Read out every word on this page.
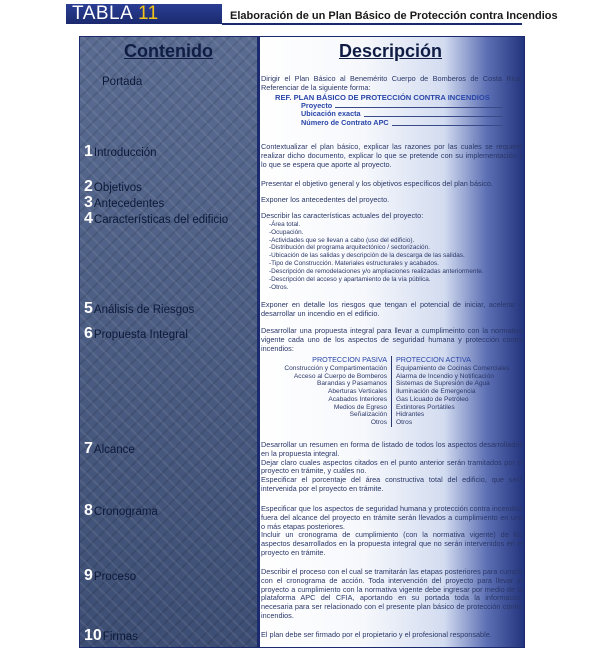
TABLA 11	Elaboración de un Plan Básico de Protección contra Incendios
Contenido	Descripción
Portada
1Introducción
2Objetivos
3Antecedentes
4Características del edificio
5Análisis de Riesgos
6Propuesta Integral
7Alcance
8Cronograma
9Proceso
10Firmas

Dirigir el Plan Básico al Benemérito Cuerpo de Bomberos de Costa Rica. Referenciar de la siguiente forma:

REF. PLAN BÁSICO DE PROTECCIÓN CONTRA INCENDIOS
Proyecto
Ubicación exacta
Número de Contrato APC
Contextualizar el plan básico, explicar las razones por las cuales se requiere realizar dicho documento, explicar lo que se pretende con su implementación y lo que se espera que aporte al proyecto.
Presentar el objetivo general y los objetivos específicos del plan básico.
Exponer los antecedentes del proyecto.

Describir las características actuales del proyecto:

-Área total.
-Ocupación.
-Actividades que se llevan a cabo (uso del edificio).
-Distribución del programa arquitectónico / sectorización.
-Ubicación de las salidas y descripción de la descarga de las salidas.
-Tipo de Construcción. Materiales estructurales y acabados.
-Descripción de remodelaciones y/o ampliaciones realizadas anteriormente.
-Descripción del acceso y apartamiento de la vía pública.
-Otros.
Exponer en detalle los riesgos que tengan el potencial de iniciar, acelerar o desarrollar un incendio en el edificio.

Desarrollar una propuesta integral para llevar a cumplimeinto con la normativa vigente cada uno de los aspectos de seguridad humana y protección contra incendios:

PROTECCION PASIVA
Construcción y Compartimentación
Acceso al Cuerpo de Bomberos
Barandas y Pasamanos
Aberturas Verticales
Acabados Interiores
Medios de Egreso
Señalización
Otros
PROTECCION ACTIVA
Equipamiento de Cocinas Comerciales
Alarma de Incendio y Notificación
Sistemas de Supresión de Agua
Iluminación de Emergencia
Gas Licuado de Petróleo
Extintores Portátiles
Hidrantes
Otros

Desarrollar un resumen en forma de listado de todos los aspectos desarrollados en la propuesta integral.

Dejar claro cuales aspectos citados en el punto anterior serán tramitados por el proyecto en trámite, y cuáles no.

Especificar el porcentaje del área constructiva total del edificio, que será intervenida por el proyecto en trámite.

Especificar que los aspectos de seguridad humana y protección contra incendios fuera del alcance del proyecto en trámite serán llevados a cumplimiento en una o más etapas posteriores.

Incluir un cronograma de cumplimiento (con la normativa vigente) de los aspectos desarrollados en la propuesta integral que no serán intervenidos en el proyecto en trámite.

Describir el proceso con el cual se tramitarán las etapas posteriores para cumplir con el cronograma de acción. Toda intervención del proyecto para llevar el proyecto a cumplimiento con la normativa vigente debe ingresar por medio de la plataforma APC del CFIA, aportando en su portada toda la información necesaria para ser relacionado con el presente plan básico de protección contra incendios.
El plan debe ser firmado por el propietario y el profesional responsable.
